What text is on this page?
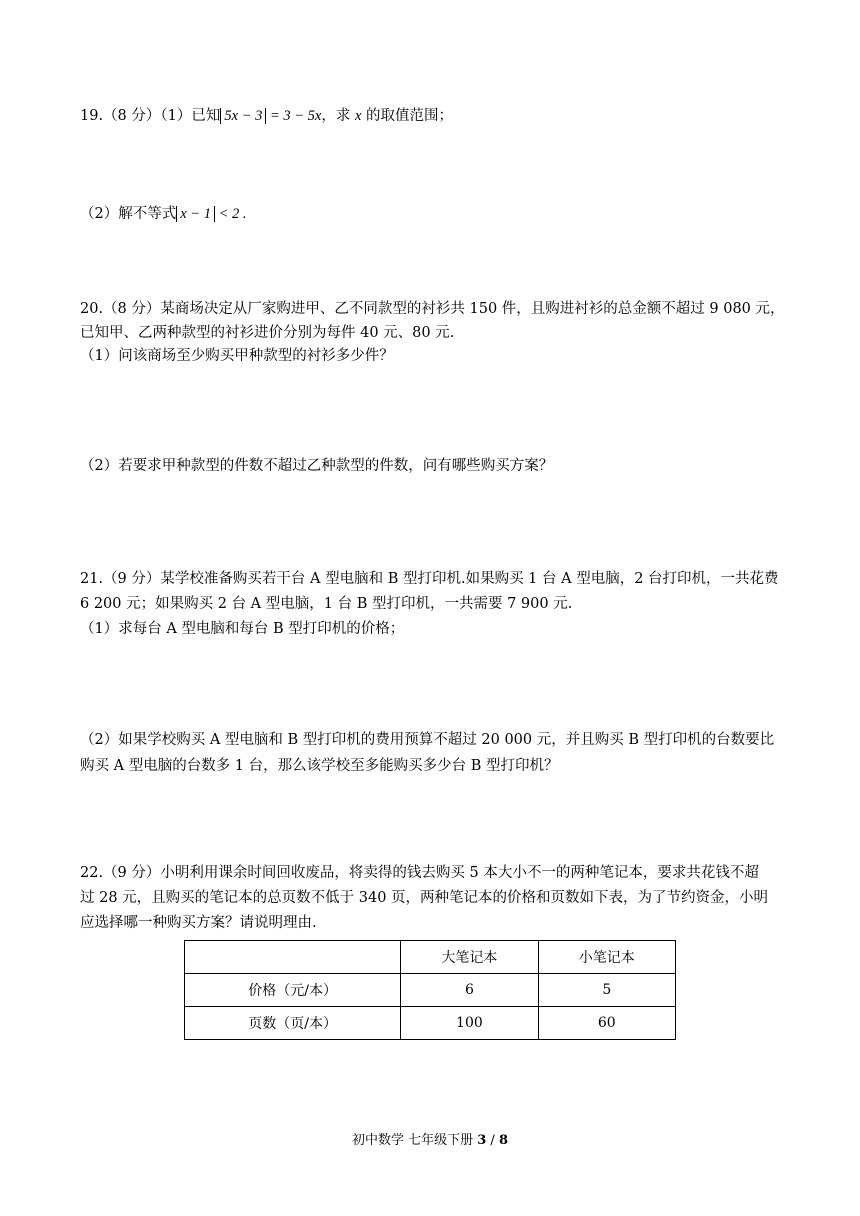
19.（8 分）（1）已知 5x − 3 = 3 − 5x，求 x 的取值范围；
（2）解不等式 x − 1 < 2 .
20.（8 分）某商场决定从厂家购进甲、乙不同款型的衬衫共 150 件，且购进衬衫的总金额不超过 9 080 元，
已知甲、乙两种款型的衬衫进价分别为每件 40 元、80 元.
（1）问该商场至少购买甲种款型的衬衫多少件？
（2）若要求甲种款型的件数不超过乙种款型的件数，问有哪些购买方案？
21.（9 分）某学校准备购买若干台 A 型电脑和 B 型打印机.如果购买 1 台 A 型电脑，2 台打印机，一共花费
6 200 元；如果购买 2 台 A 型电脑，1 台 B 型打印机，一共需要 7 900 元.
（1）求每台 A 型电脑和每台 B 型打印机的价格；
（2）如果学校购买 A 型电脑和 B 型打印机的费用预算不超过 20 000 元，并且购买 B 型打印机的台数要比
购买 A 型电脑的台数多 1 台，那么该学校至多能购买多少台 B 型打印机？
22.（9 分）小明利用课余时间回收废品，将卖得的钱去购买 5 本大小不一的两种笔记本，要求共花钱不超
过 28 元，且购买的笔记本的总页数不低于 340 页，两种笔记本的价格和页数如下表，为了节约资金，小明
应选择哪一种购买方案？请说明理由.
	大笔记本	小笔记本
价格（元/本）	6	5
页数（页/本）	100	60
初中数学 七年级下册 3 / 8
